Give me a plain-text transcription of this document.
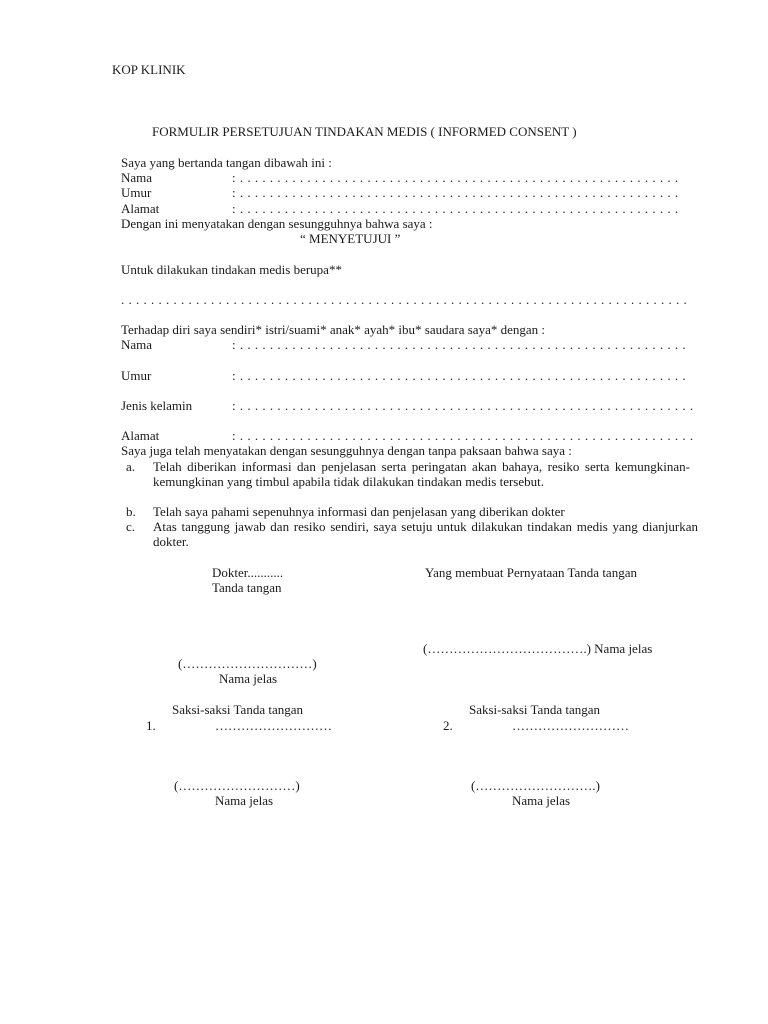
KOP KLINIK
FORMULIR PERSETUJUAN TINDAKAN MEDIS ( INFORMED CONSENT )
Saya yang bertanda tangan dibawah ini :
Nama	: . . . . . . . . . . . . . . . . . . . . . . . . . . . . . . . . . . . . . . . . . . . . . . . . . . . . . . . . . . .
Umur	: . . . . . . . . . . . . . . . . . . . . . . . . . . . . . . . . . . . . . . . . . . . . . . . . . . . . . . . . . . .
Alamat	: . . . . . . . . . . . . . . . . . . . . . . . . . . . . . . . . . . . . . . . . . . . . . . . . . . . . . . . . . . .
Dengan ini menyatakan dengan sesungguhnya bahwa saya :
“ MENYETUJUI ”
Untuk dilakukan tindakan medis berupa**
. . . . . . . . . . . . . . . . . . . . . . . . . . . . . . . . . . . . . . . . . . . . . . . . . . . . . . . . . . . . . . . . . . . . . . . . . . . .
Terhadap diri saya sendiri* istri/suami* anak* ayah* ibu* saudara saya* dengan :
Nama	: . . . . . . . . . . . . . . . . . . . . . . . . . . . . . . . . . . . . . . . . . . . . . . . . . . . . . . . . . . . .
Umur	: . . . . . . . . . . . . . . . . . . . . . . . . . . . . . . . . . . . . . . . . . . . . . . . . . . . . . . . . . . . .
Jenis kelamin	: . . . . . . . . . . . . . . . . . . . . . . . . . . . . . . . . . . . . . . . . . . . . . . . . . . . . . . . . . . . . .
Alamat	: . . . . . . . . . . . . . . . . . . . . . . . . . . . . . . . . . . . . . . . . . . . . . . . . . . . . . . . . . . . . .
Saya juga telah menyatakan dengan sesungguhnya dengan tanpa paksaan bahwa saya :
a. Telah diberikan informasi dan penjelasan serta peringatan akan bahaya, resiko serta kemungkinan- kemungkinan yang timbul apabila tidak dilakukan tindakan medis tersebut.
b. Telah saya pahami sepenuhnya informasi dan penjelasan yang diberikan dokter
c. Atas tanggung jawab dan resiko sendiri, saya setuju untuk dilakukan tindakan medis yang dianjurkan dokter.
Dokter...........
Tanda tangan
(…………………………)
Nama jelas
Yang membuat Pernyataan Tanda tangan
(……………………………….) Nama jelas
Saksi-saksi Tanda tangan
1.	………………………
(………………………)
Nama jelas
Saksi-saksi Tanda tangan
2.	………………………
(……………………….)
Nama jelas
